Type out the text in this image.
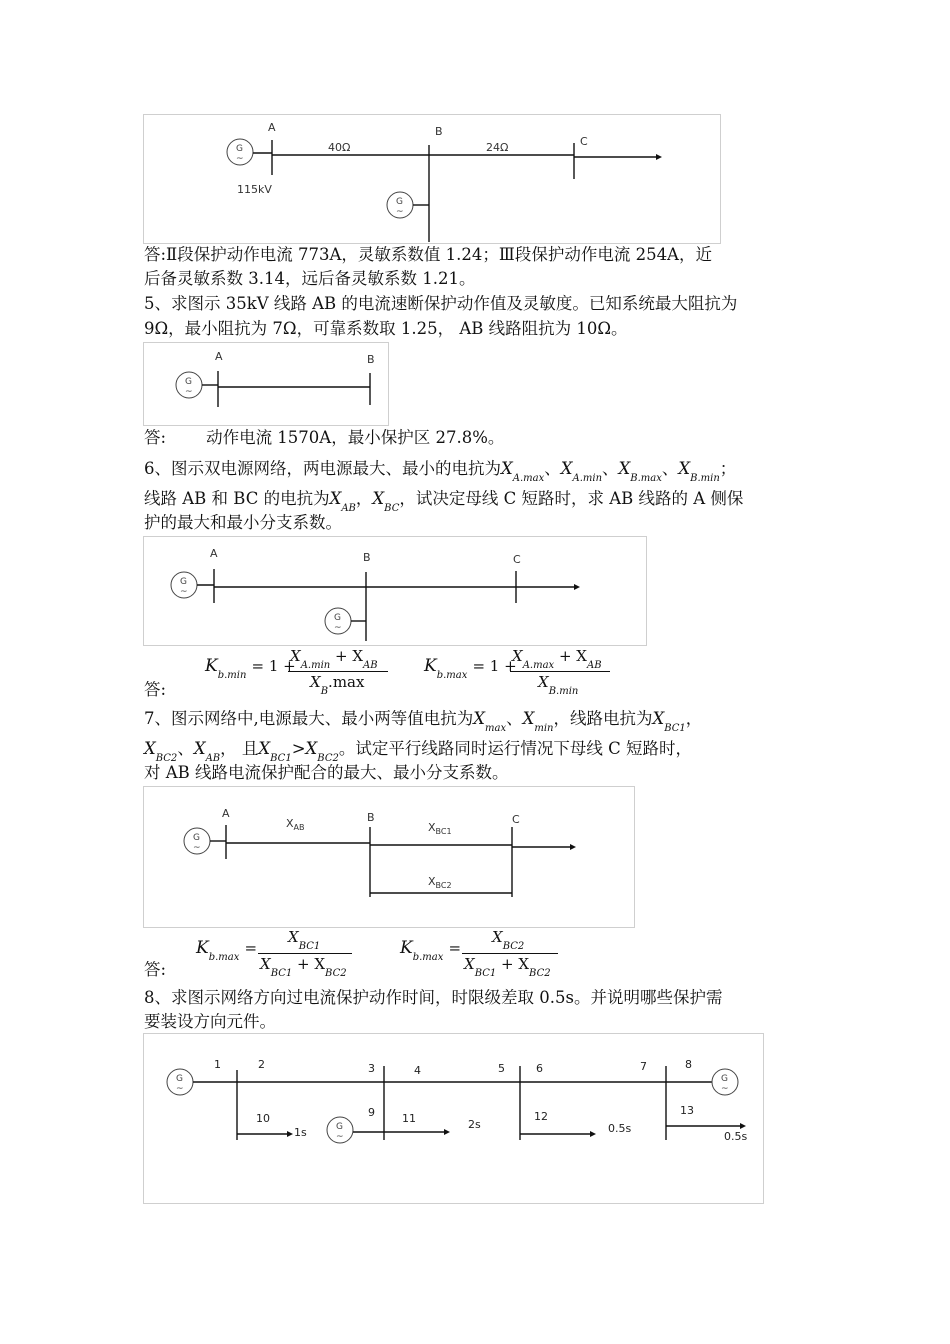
G
~
A
40Ω
B
24Ω	C
115kV
G
~
答:Ⅱ段保护动作电流 773Α，灵敏系数值 1.24；Ⅲ段保护动作电流 254Α，近
后备灵敏系数 3.14，远后备灵敏系数 1.21。
5、求图示 35kV 线路 AB 的电流速断保护动作值及灵敏度。已知系统最大阻抗为
9Ω，最小阻抗为 7Ω，可靠系数取 1.25， AB 线路阻抗为 10Ω。
G
~
A	B
答: 动作电流 1570Α，最小保护区 27.8%。
6、图示双电源网络，两电源最大、最小的电抗为$X_{A.max}$、$X_{A.min}$、$X_{B.max}$、$X_{B.min}$；
线路 AB 和 BC 的电抗为$X_{AB}$，$X_{BC}$，试决定母线 C 短路时，求 AB 线路的 A 侧保
护的最大和最小分支系数。
G
~
A	B	C
G
~
答:
$K_{b.min} = 1$ +
$X_{A.min} + X_{AB}$
$X_B.\max$
$K_{b.max} = 1$ +
$X_{A.max} + X_{AB}$
$X_{B.min}$
7、图示网络中,电源最大、最小两等值电抗为$X_{max}$、$X_{min}$，线路电抗为$X_{BC1}$，
$X_{BC2}$、$X_{AB}$， 且$X_{BC1}>X_{BC2}$。试定平行线路同时运行情况下母线 C 短路时，
对 AB 线路电流保护配合的最大、最小分支系数。
G
~
A
$X_{AB}$
B
$X_{BC1}$
$X_{BC2}$
C
答:
$K_{b.max}$ =
$X_{BC1}$
$X_{BC1} + X_{BC2}$
$K_{b.max}$ =
$X_{BC2}$
$X_{BC1} + X_{BC2}$
8、求图示网络方向过电流保护动作时间，时限级差取 0.5s。并说明哪些保护需
要装设方向元件。
G
~
G
~
1	2	3	4	5	6	7	8
10
1s	G
~
9 11	2s
12
0.5s
13
0.5s
